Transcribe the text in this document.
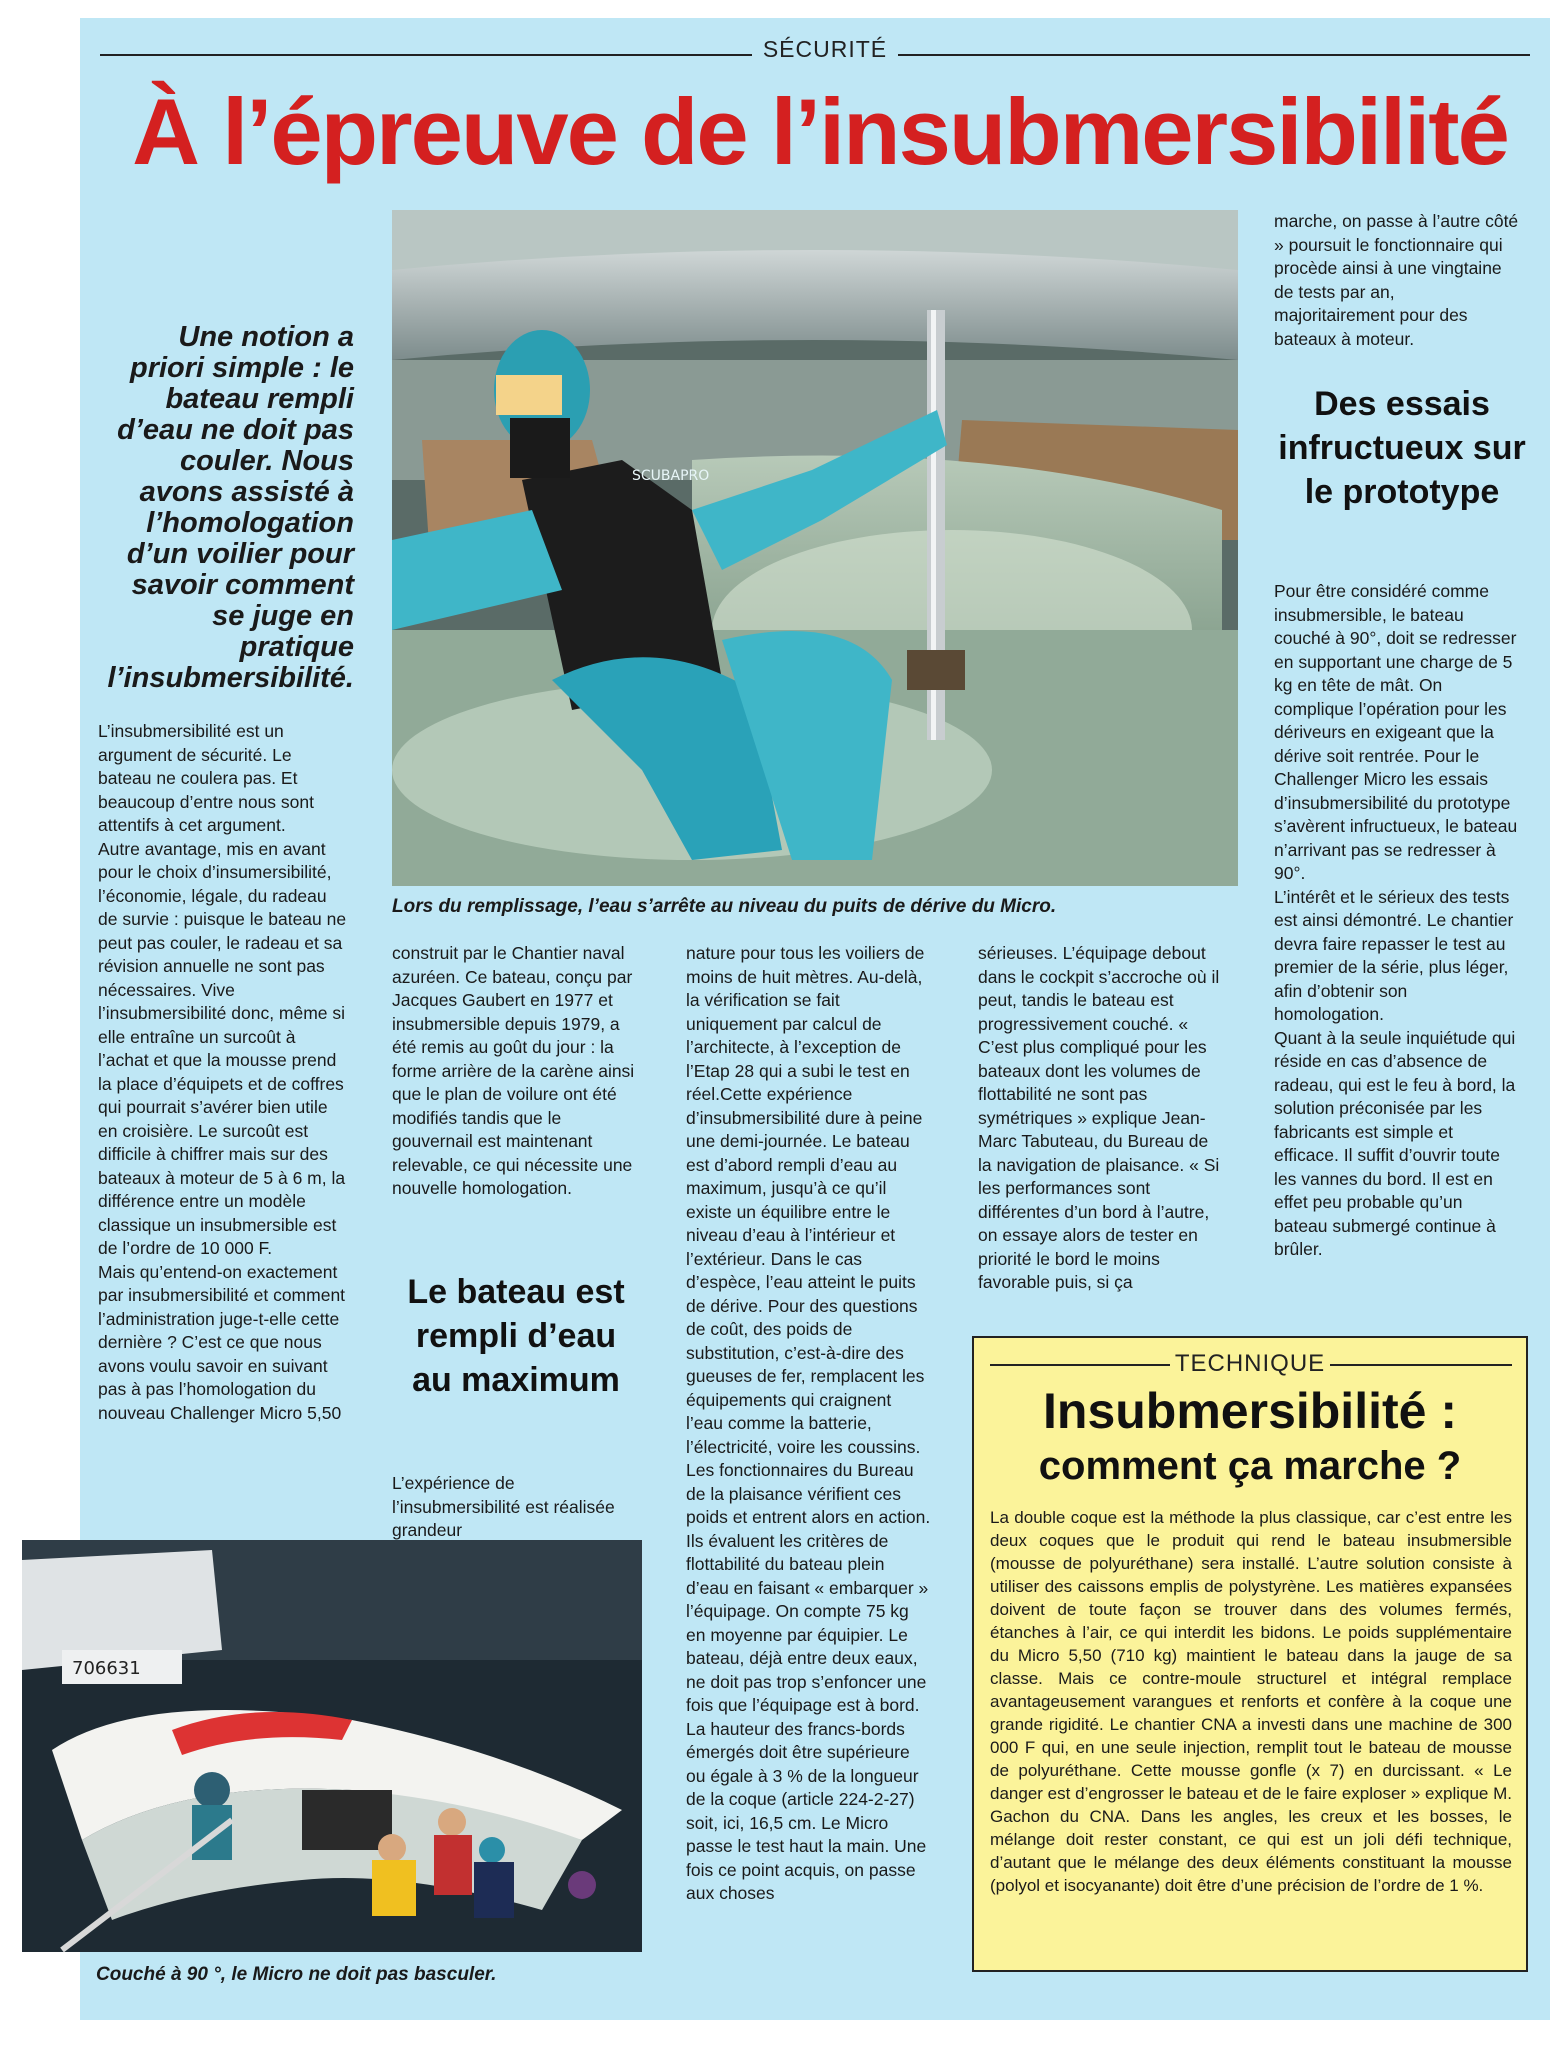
SÉCURITÉ
À l’épreuve de l’insubmersibilité
Une notion a priori simple : le bateau rempli d’eau ne doit pas couler. Nous avons assisté à l’homologation d’un voilier pour savoir comment se juge en pratique l’insubmersibilité.

L’insubmersibilité est un argument de sécurité. Le bateau ne coulera pas. Et beaucoup d’entre nous sont attentifs à cet argument.

Autre avantage, mis en avant pour le choix d’insumersibilité, l’économie, légale, du radeau de survie : puisque le bateau ne peut pas couler, le radeau et sa révision annuelle ne sont pas nécessaires. Vive l’insubmersibilité donc, même si elle entraîne un surcoût à l’achat et que la mousse prend la place d’équipets et de coffres qui pourrait s’avérer bien utile en croisière. Le surcoût est difficile à chiffrer mais sur des bateaux à moteur de 5 à 6 m, la différence entre un modèle classique un insubmersible est de l’ordre de 10 000 F.

Mais qu’entend-on exactement par insubmersibilité et comment l’administration juge-t-elle cette dernière ? C’est ce que nous avons voulu savoir en suivant pas à pas l’homologation du nouveau Challenger Micro 5,50

SCUBAPRO
Lors du remplissage, l’eau s’arrête au niveau du puits de dérive du Micro.

construit par le Chantier naval azuréen. Ce bateau, conçu par Jacques Gaubert en 1977 et insubmersible depuis 1979, a été remis au goût du jour : la forme arrière de la carène ainsi que le plan de voilure ont été modifiés tandis que le gouvernail est maintenant relevable, ce qui nécessite une nouvelle homologation.

Le bateau est rempli d’eau au maximum

L’expérience de l’insubmersibilité est réalisée grandeur

nature pour tous les voiliers de moins de huit mètres. Au-delà, la vérification se fait uniquement par calcul de l’architecte, à l’exception de l’Etap 28 qui a subi le test en réel.Cette expérience d’insubmersibilité dure à peine une demi-journée. Le bateau est d’abord rempli d’eau au maximum, jusqu’à ce qu’il existe un équilibre entre le niveau d’eau à l’intérieur et l’extérieur. Dans le cas d’espèce, l’eau atteint le puits de dérive. Pour des questions de coût, des poids de substitution, c’est-à-dire des gueuses de fer, remplacent les équipements qui craignent l’eau comme la batterie, l’électricité, voire les coussins. Les fonctionnaires du Bureau de la plaisance vérifient ces poids et entrent alors en action. Ils évaluent les critères de flottabilité du bateau plein d’eau en faisant « embarquer » l’équipage. On compte 75 kg en moyenne par équipier. Le bateau, déjà entre deux eaux, ne doit pas trop s’enfoncer une fois que l’équipage est à bord. La hauteur des francs-bords émergés doit être supérieure ou égale à 3 % de la longueur de la coque (article 224-2-27) soit, ici, 16,5 cm. Le Micro passe le test haut la main. Une fois ce point acquis, on passe aux choses

sérieuses. L’équipage debout dans le cockpit s’accroche où il peut, tandis le bateau est progressivement couché. « C’est plus compliqué pour les bateaux dont les volumes de flottabilité ne sont pas symétriques » explique Jean-Marc Tabuteau, du Bureau de la navigation de plaisance. « Si les performances sont différentes d’un bord à l’autre, on essaye alors de tester en priorité le bord le moins favorable puis, si ça

marche, on passe à l’autre côté » poursuit le fonctionnaire qui procède ainsi à une vingtaine de tests par an, majoritairement pour des bateaux à moteur.

Des essais infructueux sur le prototype

Pour être considéré comme insubmersible, le bateau couché à 90°, doit se redresser en supportant une charge de 5 kg en tête de mât. On complique l’opération pour les dériveurs en exigeant que la dérive soit rentrée. Pour le Challenger Micro les essais d’insubmersibilité du prototype s’avèrent infructueux, le bateau n’arrivant pas se redresser à 90°.

L’intérêt et le sérieux des tests est ainsi démontré. Le chantier devra faire repasser le test au premier de la série, plus léger, afin d’obtenir son homologation.

Quant à la seule inquiétude qui réside en cas d’absence de radeau, qui est le feu à bord, la solution préconisée par les fabricants est simple et efficace. Il suffit d’ouvrir toute les vannes du bord. Il est en effet peu probable qu’un bateau submergé continue à brûler.

706631
Couché à 90 °, le Micro ne doit pas basculer.
TECHNIQUE
Insubmersibilité :
comment ça marche ?
La double coque est la méthode la plus classique, car c’est entre les deux coques que le produit qui rend le bateau insubmersible (mousse de polyuréthane) sera installé. L’autre solution consiste à utiliser des caissons emplis de polystyrène. Les matières expansées doivent de toute façon se trouver dans des volumes fermés, étanches à l’air, ce qui interdit les bidons. Le poids supplémentaire du Micro 5,50 (710 kg) maintient le bateau dans la jauge de sa classe. Mais ce contre-moule structurel et intégral remplace avantageusement varangues et renforts et confère à la coque une grande rigidité. Le chantier CNA a investi dans une machine de 300 000 F qui, en une seule injection, remplit tout le bateau de mousse de polyuréthane. Cette mousse gonfle (x 7) en durcissant. « Le danger est d’engrosser le bateau et de le faire exploser » explique M. Gachon du CNA. Dans les angles, les creux et les bosses, le mélange doit rester constant, ce qui est un joli défi technique, d’autant que le mélange des deux éléments constituant la mousse (polyol et isocyanante) doit être d’une précision de l’ordre de 1 %.
